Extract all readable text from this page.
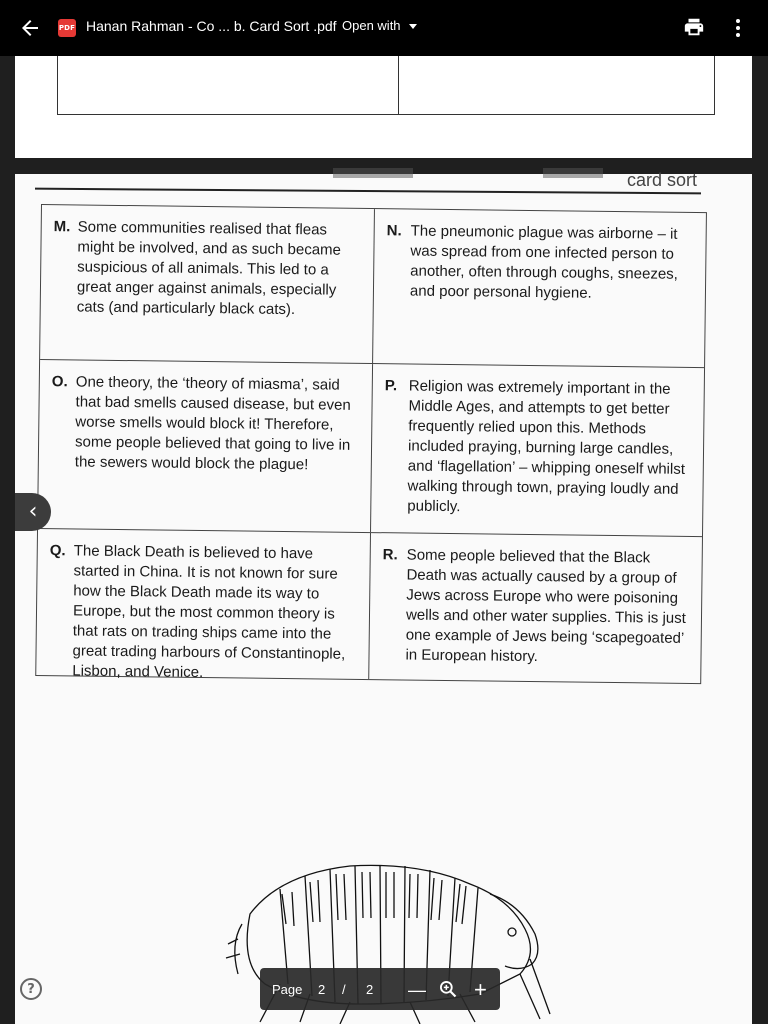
PDF Hanan Rahman - Co ... b. Card Sort .pdf Open with
card sort
M. Some communities realised that fleas might be involved, and as such became suspicious of all animals. This led to a great anger against animals, especially cats (and particularly black cats).
N. The pneumonic plague was airborne – it was spread from one infected person to another, often through coughs, sneezes, and poor personal hygiene.
O. One theory, the ‘theory of miasma’, said that bad smells caused disease, but even worse smells would block it! Therefore, some people believed that going to live in the sewers would block the plague!
P. Religion was extremely important in the Middle Ages, and attempts to get better frequently relied upon this. Methods included praying, burning large candles, and ‘flagellation’ – whipping oneself whilst walking through town, praying loudly and publicly.
Q. The Black Death is believed to have started in China. It is not known for sure how the Black Death made its way to Europe, but the most common theory is that rats on trading ships came into the great trading harbours of Constantinople, Lisbon, and Venice.
R. Some people believed that the Black Death was actually caused by a group of Jews across Europe who were poisoning wells and other water supplies. This is just one example of Jews being ‘scapegoated’ in European history.
‹
?	Page 2 / 2 — +
